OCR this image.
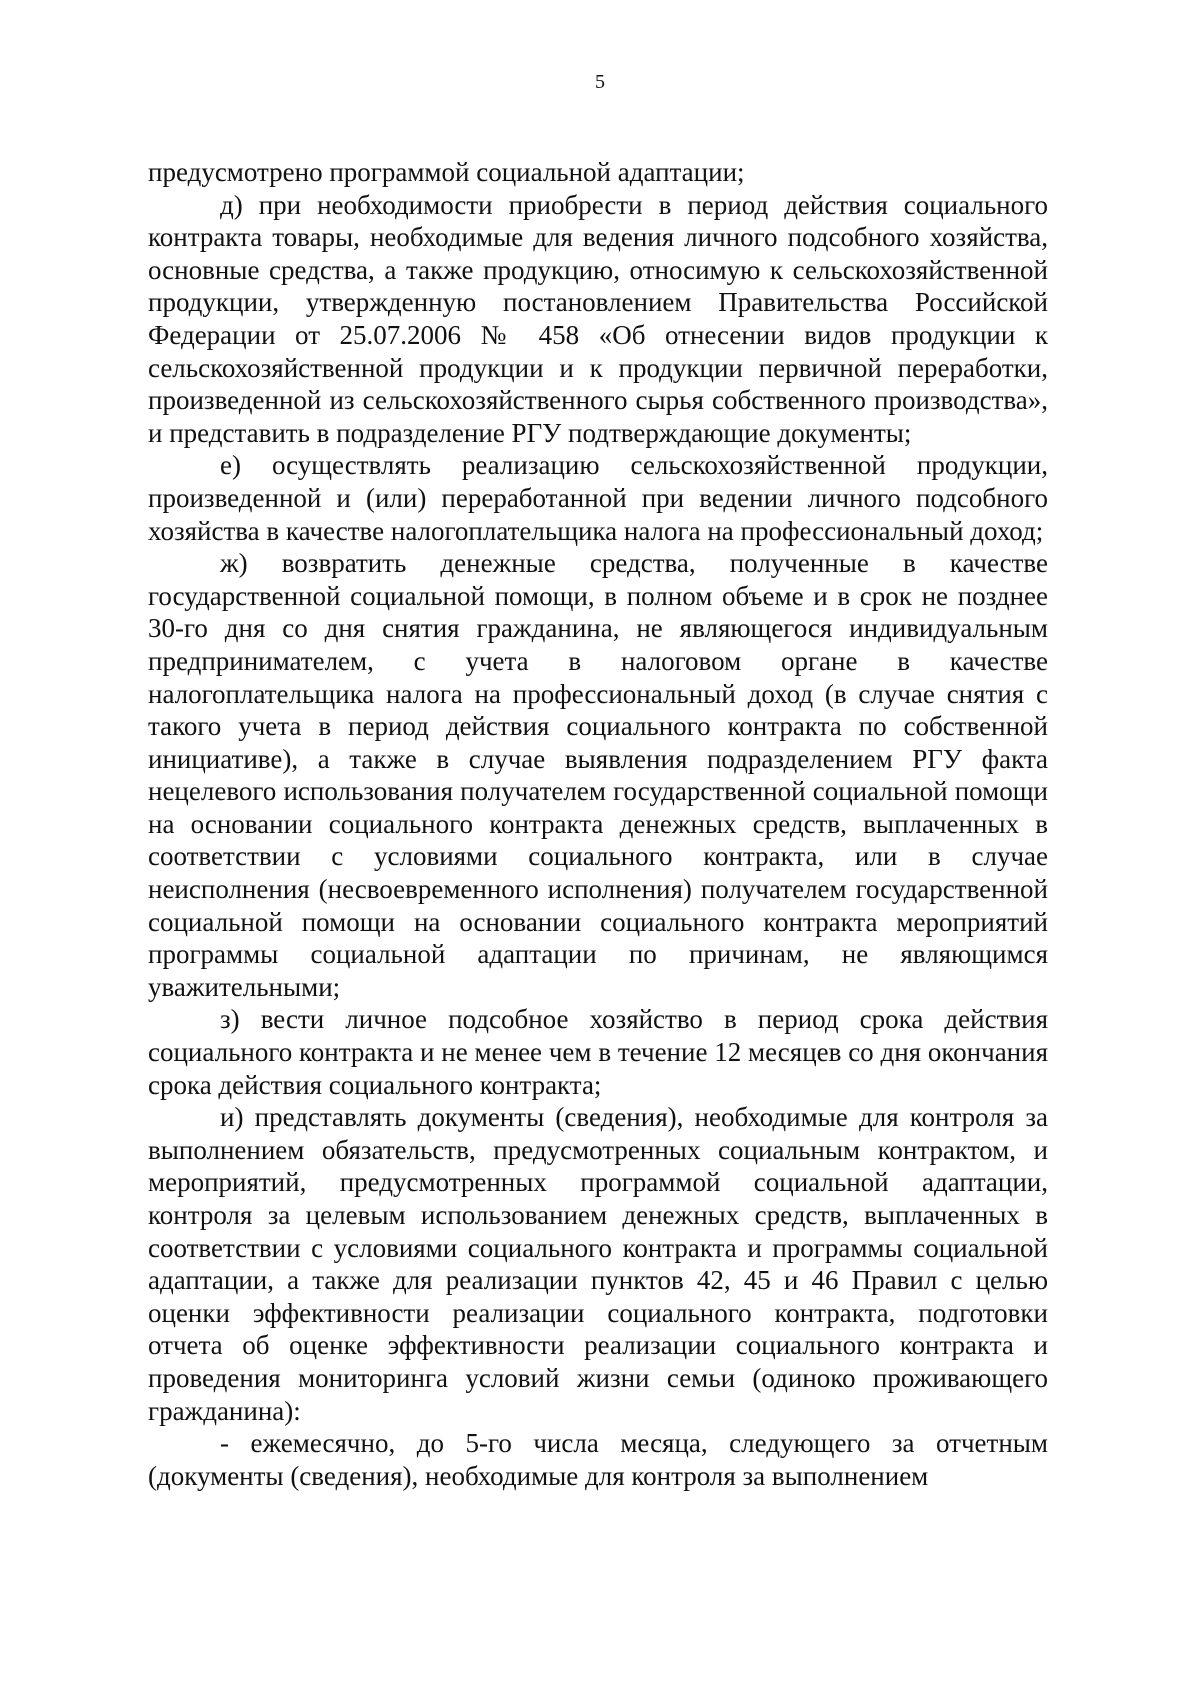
5

предусмотрено программой социальной адаптации;

д) при необходимости приобрести в период действия социального контракта товары, необходимые для ведения личного подсобного хозяйства, основные средства, а также продукцию, относимую к сельскохозяйственной продукции, утвержденную постановлением Правительства Российской Федерации от 25.07.2006 № 458 «Об отнесении видов продукции к сельскохозяйственной продукции и к продукции первичной переработки, произведенной из сельскохозяйственного сырья собственного производства», и представить в подразделение РГУ подтверждающие документы;

е) осуществлять реализацию сельскохозяйственной продукции, произведенной и (или) переработанной при ведении личного подсобного хозяйства в качестве налогоплательщика налога на профессиональный доход;

ж) возвратить денежные средства, полученные в качестве государственной социальной помощи, в полном объеме и в срок не позднее 30-го дня со дня снятия гражданина, не являющегося индивидуальным предпринимателем, с учета в налоговом органе в качестве налогоплательщика налога на профессиональный доход (в случае снятия с такого учета в период действия социального контракта по собственной инициативе), а также в случае выявления подразделением РГУ факта нецелевого использования получателем государственной социальной помощи на основании социального контракта денежных средств, выплаченных в соответствии с условиями социального контракта, или в случае неисполнения (несвоевременного исполнения) получателем государственной социальной помощи на основании социального контракта мероприятий программы социальной адаптации по причинам, не являющимся уважительными;

з) вести личное подсобное хозяйство в период срока действия социального контракта и не менее чем в течение 12 месяцев со дня окончания срока действия социального контракта;

и) представлять документы (сведения), необходимые для контроля за выполнением обязательств, предусмотренных социальным контрактом, и мероприятий, предусмотренных программой социальной адаптации, контроля за целевым использованием денежных средств, выплаченных в соответствии с условиями социального контракта и программы социальной адаптации, а также для реализации пунктов 42, 45 и 46 Правил с целью оценки эффективности реализации социального контракта, подготовки отчета об оценке эффективности реализации социального контракта и проведения мониторинга условий жизни семьи (одиноко проживающего гражданина):

- ежемесячно, до 5-го числа месяца, следующего за отчетным (документы (сведения), необходимые для контроля за выполнением
